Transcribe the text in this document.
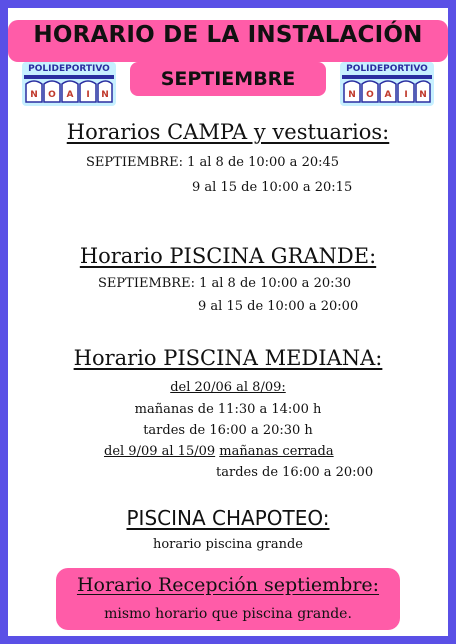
HORARIO DE LA INSTALACIÓN
SEPTIEMBRE
POLIDEPORTIVO
N O A I N
POLIDEPORTIVO
N O A I N
Horarios CAMPA y vestuarios:
SEPTIEMBRE: 1 al 8 de 10:00 a 20:45
9 al 15 de 10:00 a 20:15
Horario PISCINA GRANDE:
SEPTIEMBRE: 1 al 8 de 10:00 a 20:30
9 al 15 de 10:00 a 20:00
Horario PISCINA MEDIANA:
del 20/06 al 8/09:
mañanas de 11:30 a 14:00 h
tardes de 16:00 a 20:30 h
del 9/09 al 15/09 mañanas cerrada
tardes de 16:00 a 20:00
PISCINA CHAPOTEO:
horario piscina grande
Horario Recepción septiembre:
mismo horario que piscina grande.
